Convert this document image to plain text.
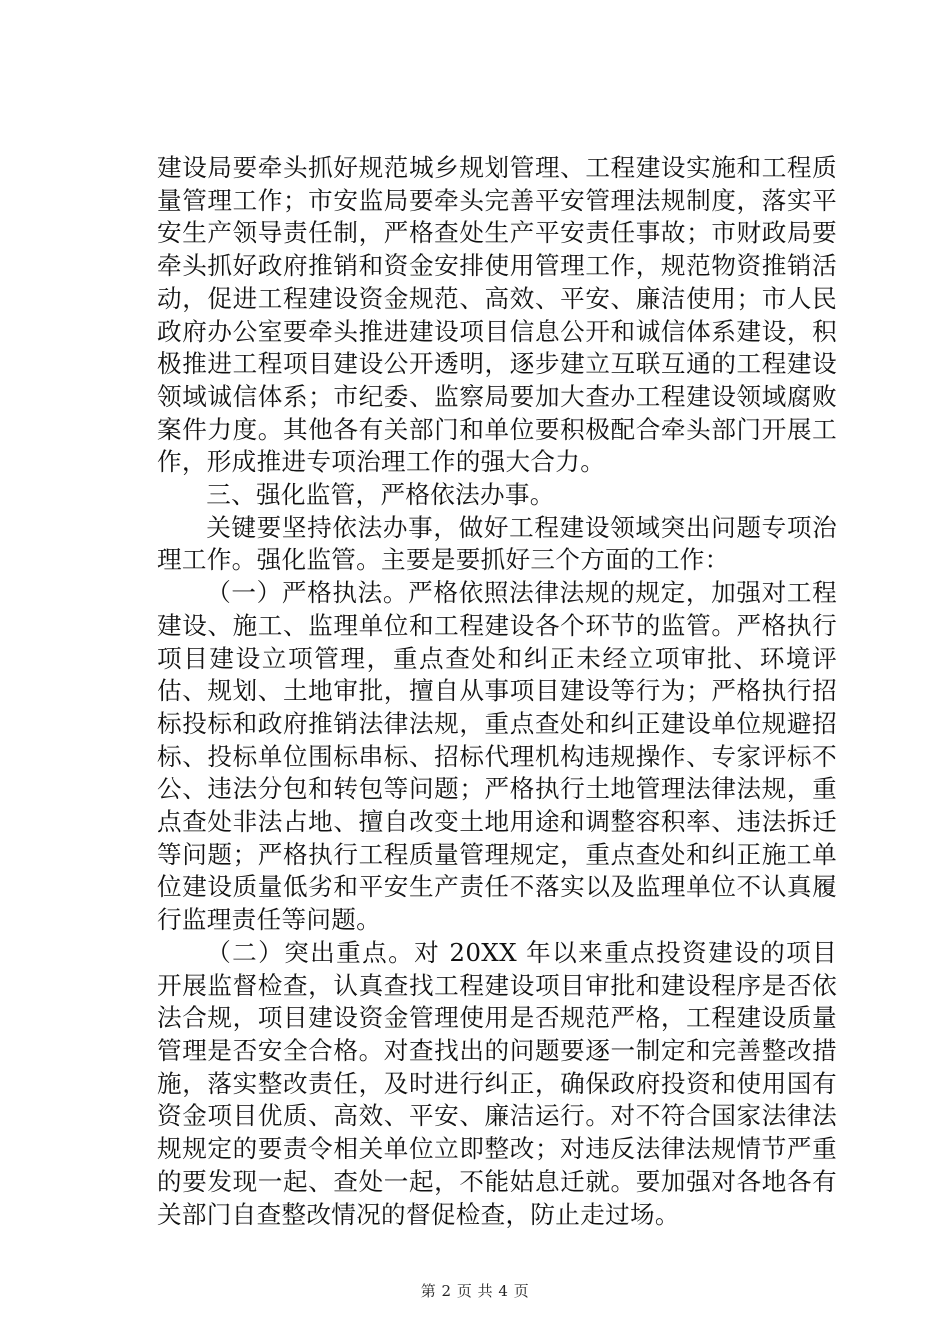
建设局要牵头抓好规范城乡规划管理、工程建设实施和工程质量管理工作；市安监局要牵头完善平安管理法规制度，落实平安生产领导责任制，严格查处生产平安责任事故；市财政局要牵头抓好政府推销和资金安排使用管理工作，规范物资推销活动，促进工程建设资金规范、高效、平安、廉洁使用；市人民政府办公室要牵头推进建设项目信息公开和诚信体系建设，积极推进工程项目建设公开透明，逐步建立互联互通的工程建设领域诚信体系；市纪委、监察局要加大查办工程建设领域腐败案件力度。其他各有关部门和单位要积极配合牵头部门开展工作，形成推进专项治理工作的强大合力。

三、强化监管，严格依法办事。

关键要坚持依法办事，做好工程建设领域突出问题专项治理工作。强化监管。主要是要抓好三个方面的工作：

（一）严格执法。严格依照法律法规的规定，加强对工程建设、施工、监理单位和工程建设各个环节的监管。严格执行项目建设立项管理，重点查处和纠正未经立项审批、环境评估、规划、土地审批，擅自从事项目建设等行为；严格执行招标投标和政府推销法律法规，重点查处和纠正建设单位规避招标、投标单位围标串标、招标代理机构违规操作、专家评标不公、违法分包和转包等问题；严格执行土地管理法律法规，重点查处非法占地、擅自改变土地用途和调整容积率、违法拆迁等问题；严格执行工程质量管理规定，重点查处和纠正施工单位建设质量低劣和平安生产责任不落实以及监理单位不认真履行监理责任等问题。

（二）突出重点。对 20XX 年以来重点投资建设的项目开展监督检查，认真查找工程建设项目审批和建设程序是否依法合规，项目建设资金管理使用是否规范严格，工程建设质量管理是否安全合格。对查找出的问题要逐一制定和完善整改措施，落实整改责任，及时进行纠正，确保政府投资和使用国有资金项目优质、高效、平安、廉洁运行。对不符合国家法律法规规定的要责令相关单位立即整改；对违反法律法规情节严重的要发现一起、查处一起，不能姑息迁就。要加强对各地各有关部门自查整改情况的督促检查，防止走过场。

第 2 页 共 4 页
